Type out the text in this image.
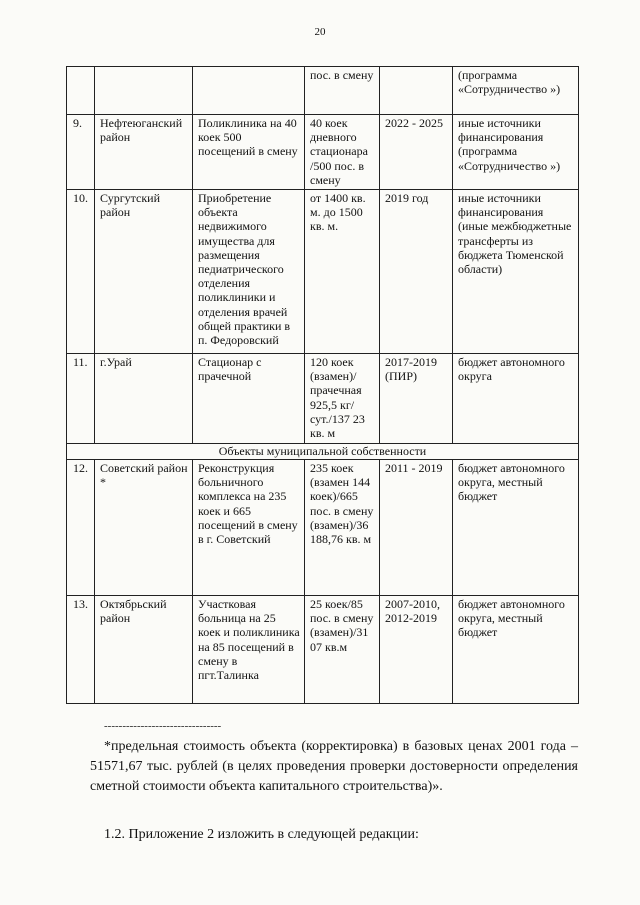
20
			пос. в смену		(программа «Сотрудничество »)
9.	Нефтеюганский район	Поликлиника на 40 коек 500 посещений в смену	40 коек дневного стационара /500 пос. в смену	2022 - 2025	иные источники финансирования (программа «Сотрудничество »)
10.	Сургутский район	Приобретение объекта недвижимого имущества для размещения педиатрического отделения поликлиники и отделения врачей общей практики в п. Федоровский	от 1400 кв. м. до 1500 кв. м.	2019 год	иные источники финансирования (иные межбюджетные трансферты из бюджета Тюменской области)
11.	г.Урай	Стационар с прачечной	120 коек (взамен)/прачечная 925,5 кг/сут./137 23 кв. м	2017-2019 (ПИР)	бюджет автономного округа
Объекты муниципальной собственности					
12.	Советский район *	Реконструкция больничного комплекса на 235 коек и 665 посещений в смену в г. Советский	235 коек (взамен 144 коек)/665 пос. в смену (взамен)/36 188,76 кв. м	2011 - 2019	бюджет автономного округа, местный бюджет
13.	Октябрьский район	Участковая больница на 25 коек и поликлиника на 85 посещений в смену в пгт.Талинка	25 коек/85 пос. в смену (взамен)/31 07 кв.м	2007-2010, 2012-2019	бюджет автономного округа, местный бюджет
--------------------------------
*предельная стоимость объекта (корректировка) в базовых ценах 2001 года – 51571,67 тыс. рублей (в целях проведения проверки достоверности определения сметной стоимости объекта капитального строительства)».
1.2. Приложение 2 изложить в следующей редакции:
